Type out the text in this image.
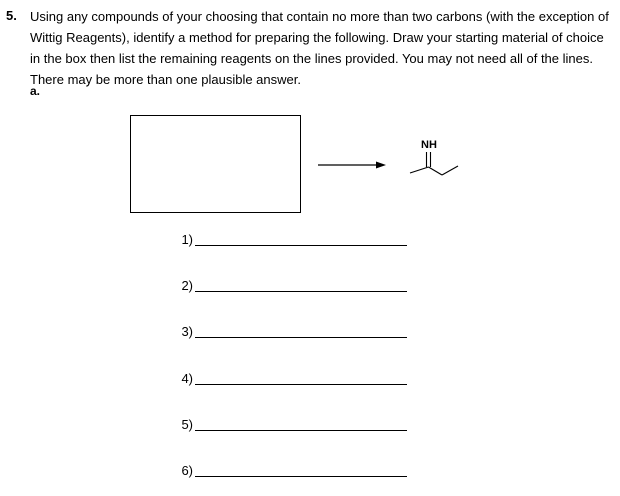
5. Using any compounds of your choosing that contain no more than two carbons (with the exception of Wittig Reagents), identify a method for preparing the following. Draw your starting material of choice in the box then list the remaining reagents on the lines provided. You may not need all of the lines. There may be more than one plausible answer.

a.
NH
1)
2)
3)
4)
5)
6)
